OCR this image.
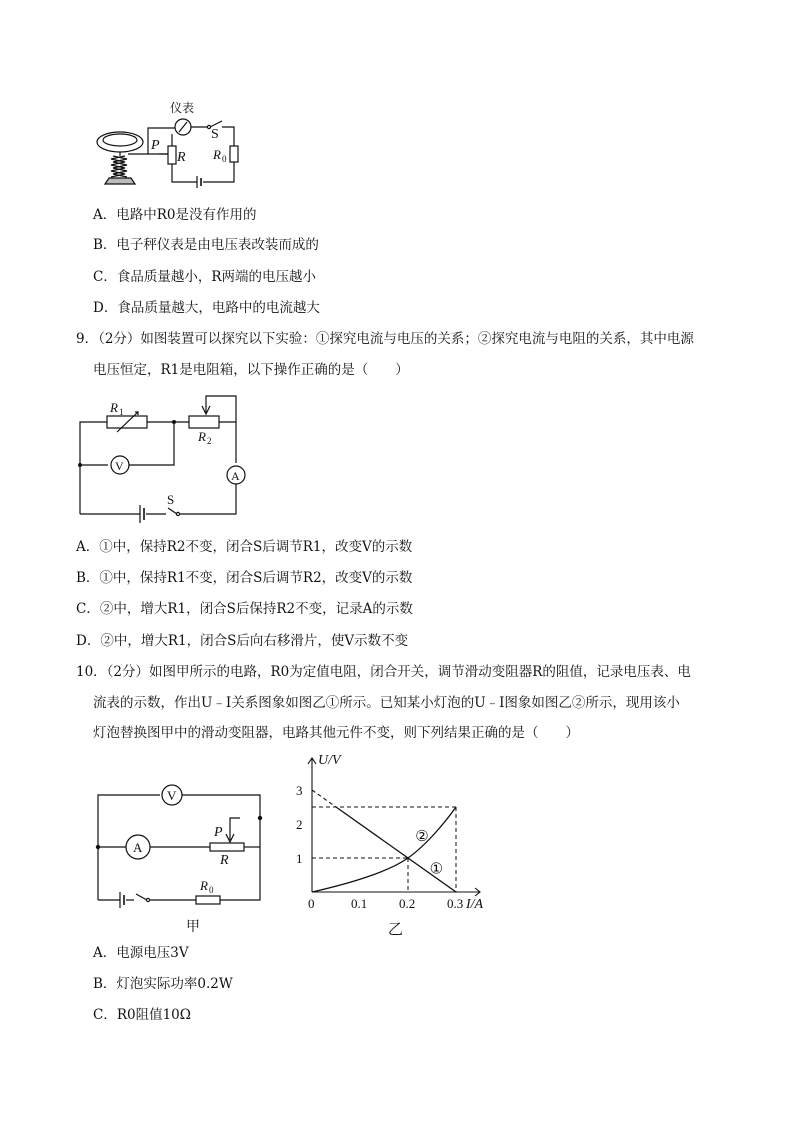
仪表
S
P
R R 0
A．电路中R0是没有作用的
B．电子秤仪表是由电压表改装而成的
C．食品质量越小，R两端的电压越小
D．食品质量越大，电路中的电流越大
9．（2分）如图装置可以探究以下实验：①探究电流与电压的关系；②探究电流与电阻的关系，其中电源
电压恒定，R1是电阻箱，以下操作正确的是（　　）
R 1
R 2
V
A
S
A．①中，保持R2不变，闭合S后调节R1，改变V的示数
B．①中，保持R1不变，闭合S后调节R2，改变V的示数
C．②中，增大R1，闭合S后保持R2不变，记录A的示数
D．②中，增大R1，闭合S后向右移滑片，使V示数不变
10．（2分）如图甲所示的电路，R0为定值电阻，闭合开关，调节滑动变阻器R的阻值，记录电压表、电
流表的示数，作出U﹣I关系图象如图乙①所示。已知某小灯泡的U﹣I图象如图乙②所示，现用该小
灯泡替换图甲中的滑动变阻器，电路其他元件不变，则下列结果正确的是（　　）
V
A
P
R
R 0
甲
0	0.1 0.2 0.3
1
2
3
②
①
U/V
I/A
乙
A．电源电压3V
B．灯泡实际功率0.2W
C．R0阻值10Ω
